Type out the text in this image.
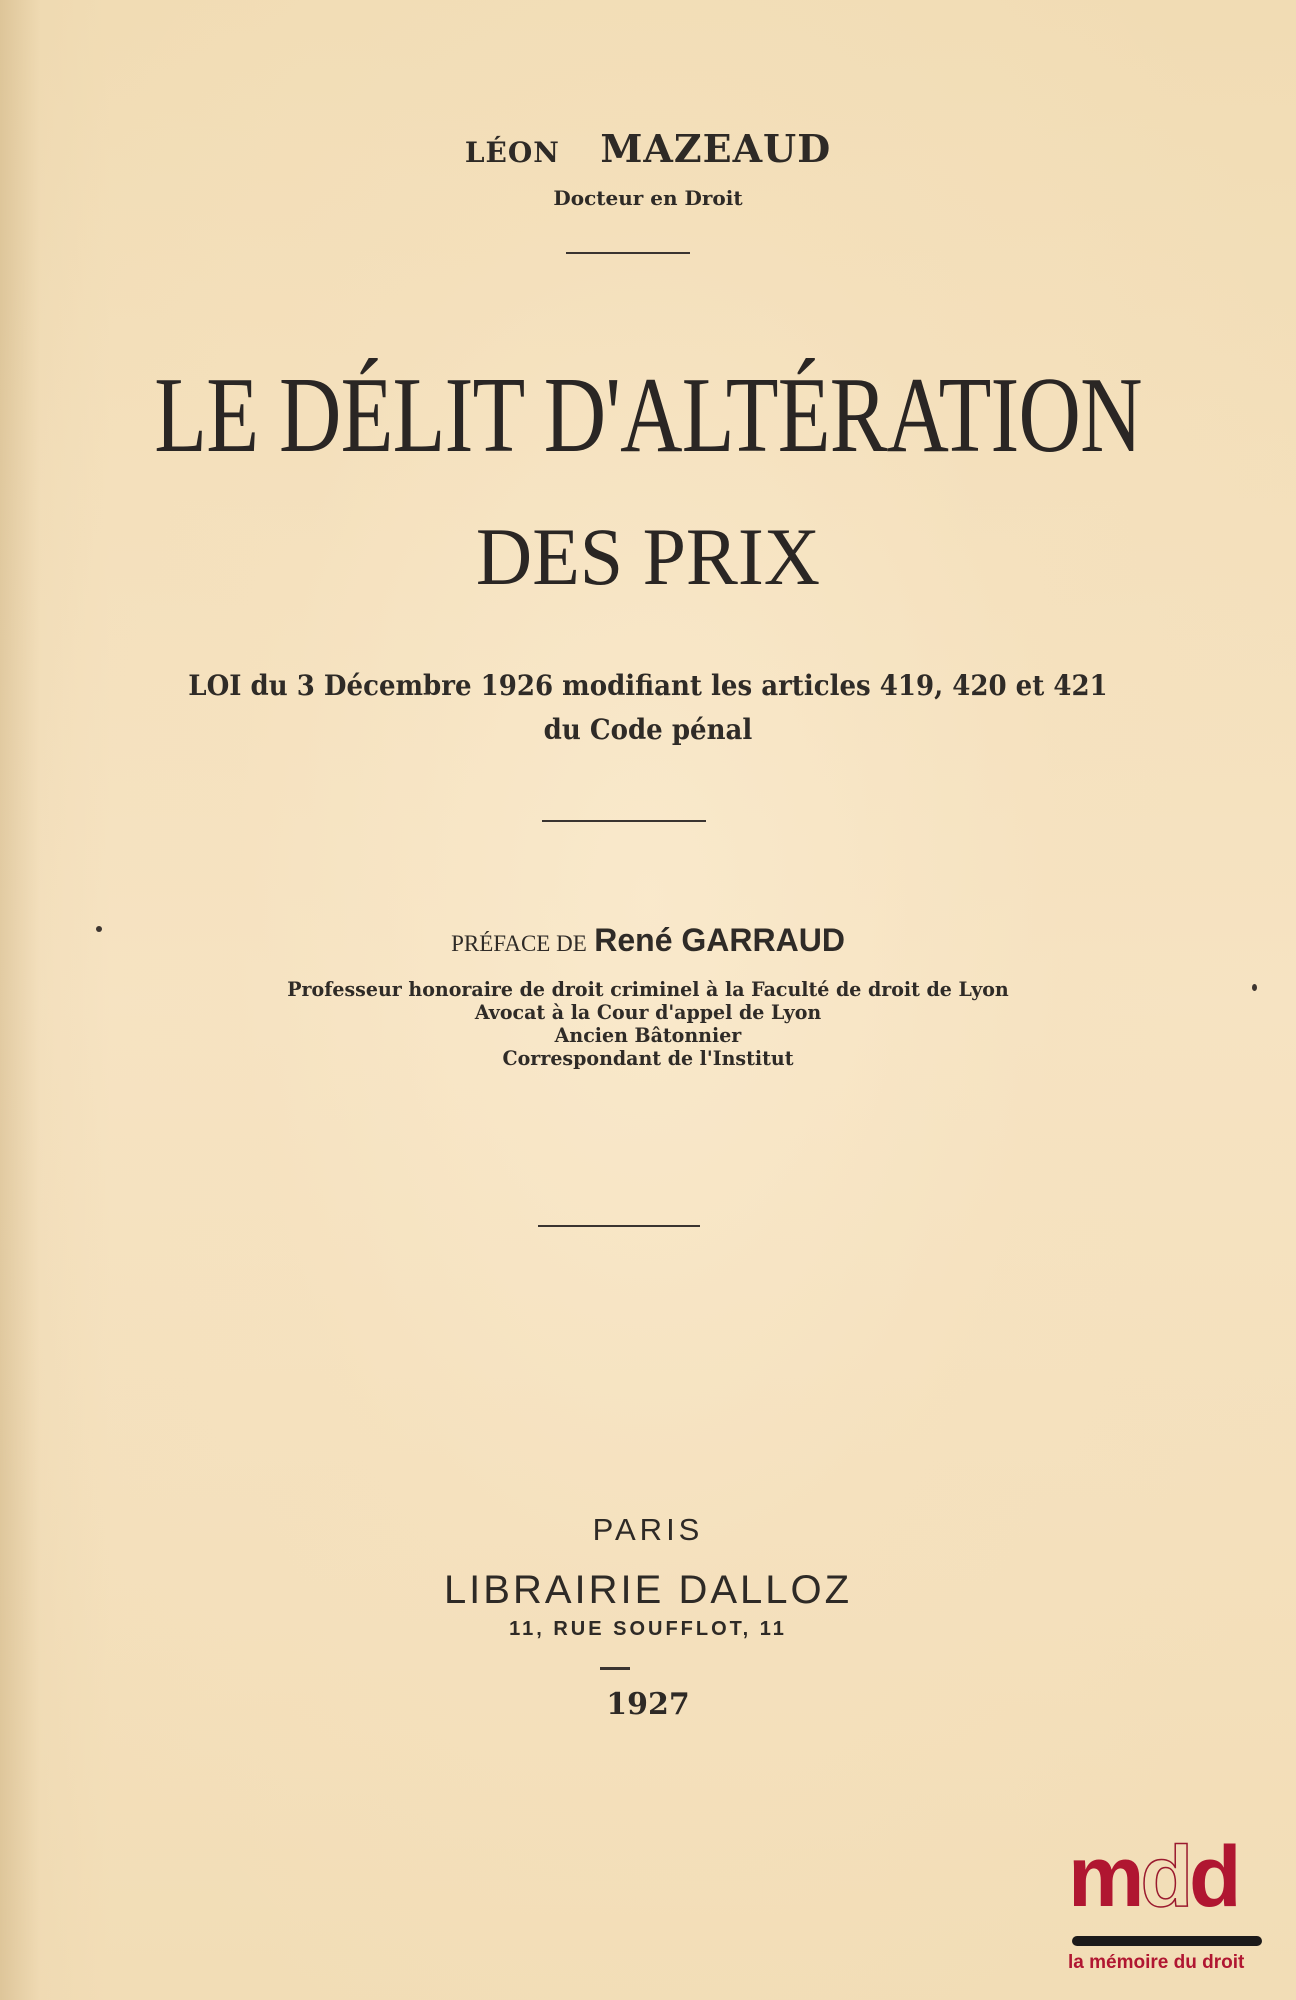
LÉON MAZEAUD
Docteur en Droit
LE DÉLIT D'ALTÉRATION
DES PRIX
LOI du 3 Décembre 1926 modifiant les articles 419, 420 et 421
du Code pénal
PRÉFACE DE René GARRAUD
Professeur honoraire de droit criminel à la Faculté de droit de Lyon
Avocat à la Cour d'appel de Lyon
Ancien Bâtonnier
Correspondant de l'Institut
PARIS
LIBRAIRIE DALLOZ
11, RUE SOUFFLOT, 11
1927
mdd
la mémoire du droit
